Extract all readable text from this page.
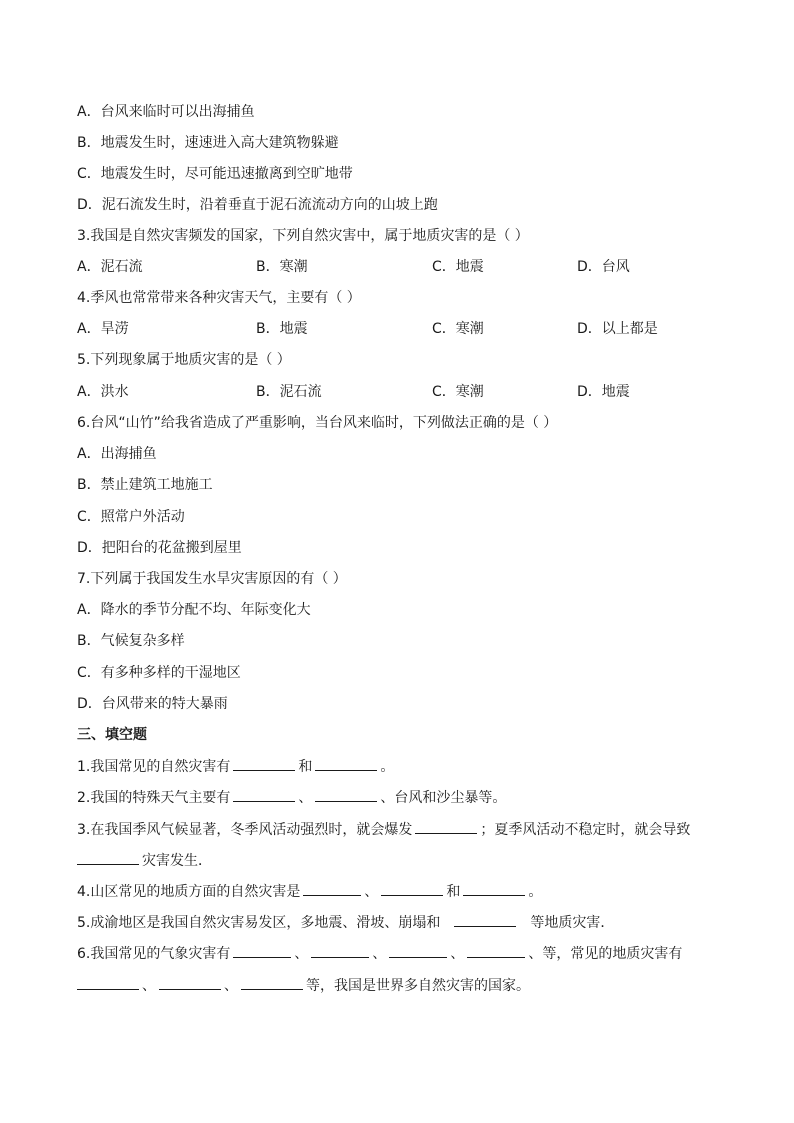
A．台风来临时可以出海捕鱼
B．地震发生时，速速进入高大建筑物躲避
C．地震发生时，尽可能迅速撤离到空旷地带
D．泥石流发生时，沿着垂直于泥石流流动方向的山坡上跑
3.我国是自然灾害频发的国家，下列自然灾害中，属于地质灾害的是（ ）
A．泥石流	B．寒潮	C．地震	D．台风
4.季风也常常带来各种灾害天气，主要有（ ）
A．旱涝	B．地震	C．寒潮	D．以上都是
5.下列现象属于地质灾害的是（ ）
A．洪水	B．泥石流	C．寒潮	D．地震
6.台风“山竹”给我省造成了严重影响，当台风来临时，下列做法正确的是（ ）
A．出海捕鱼
B．禁止建筑工地施工
C．照常户外活动
D．把阳台的花盆搬到屋里
7.下列属于我国发生水旱灾害原因的有（ ）
A．降水的季节分配不均、年际变化大
B．气候复杂多样
C．有多种多样的干湿地区
D．台风带来的特大暴雨
三、填空题
1.我国常见的自然灾害有	和	。
2.我国的特殊天气主要有	、	、台风和沙尘暴等。
3.在我国季风气候显著，冬季风活动强烈时，就会爆发	；夏季风活动不稳定时，就会导致
灾害发生．
4.山区常见的地质方面的自然灾害是	、	和	。
5.成渝地区是我国自然灾害易发区，多地震、滑坡、崩塌和	等地质灾害．
6.我国常见的气象灾害有	、	、	、	、等，常见的地质灾害有
、	、	等，我国是世界多自然灾害的国家。
